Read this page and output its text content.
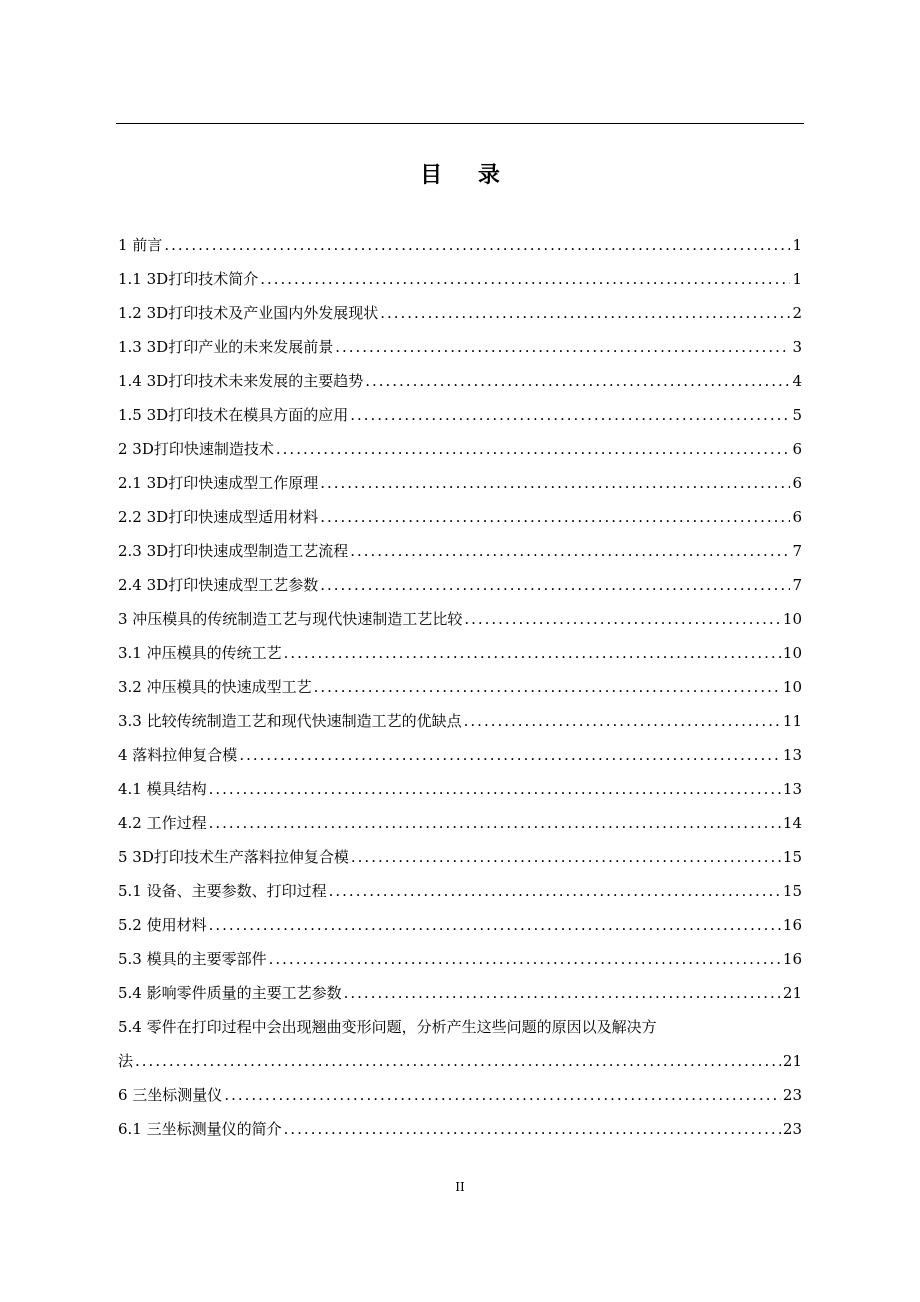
目 录
1 前言 .....	1
1.1 3D打印技术简介 .....	1
1.2 3D打印技术及产业国内外发展现状 .....	2
1.3 3D打印产业的未来发展前景 .....	3
1.4 3D打印技术未来发展的主要趋势 .....	4
1.5 3D打印技术在模具方面的应用 .....	5
2 3D打印快速制造技术 .....	6
2.1 3D打印快速成型工作原理 .....	6
2.2 3D打印快速成型适用材料 .....	6
2.3 3D打印快速成型制造工艺流程 .....	7
2.4 3D打印快速成型工艺参数 .....	7
3 冲压模具的传统制造工艺与现代快速制造工艺比较 .....	10
3.1 冲压模具的传统工艺 .....	10
3.2 冲压模具的快速成型工艺 .....	10
3.3 比较传统制造工艺和现代快速制造工艺的优缺点 .....	11
4 落料拉伸复合模 .....	13
4.1 模具结构 .....	13
4.2 工作过程 .....	14
5 3D打印技术生产落料拉伸复合模 .....	15
5.1 设备、主要参数、打印过程 .....	15
5.2 使用材料 .....	16
5.3 模具的主要零部件 .....	16
5.4 影响零件质量的主要工艺参数 .....	21
5.4 零件在打印过程中会出现翘曲变形问题，分析产生这些问题的原因以及解决方
法 .....	21
6 三坐标测量仪 .....	23
6.1 三坐标测量仪的简介 .....	23
II
